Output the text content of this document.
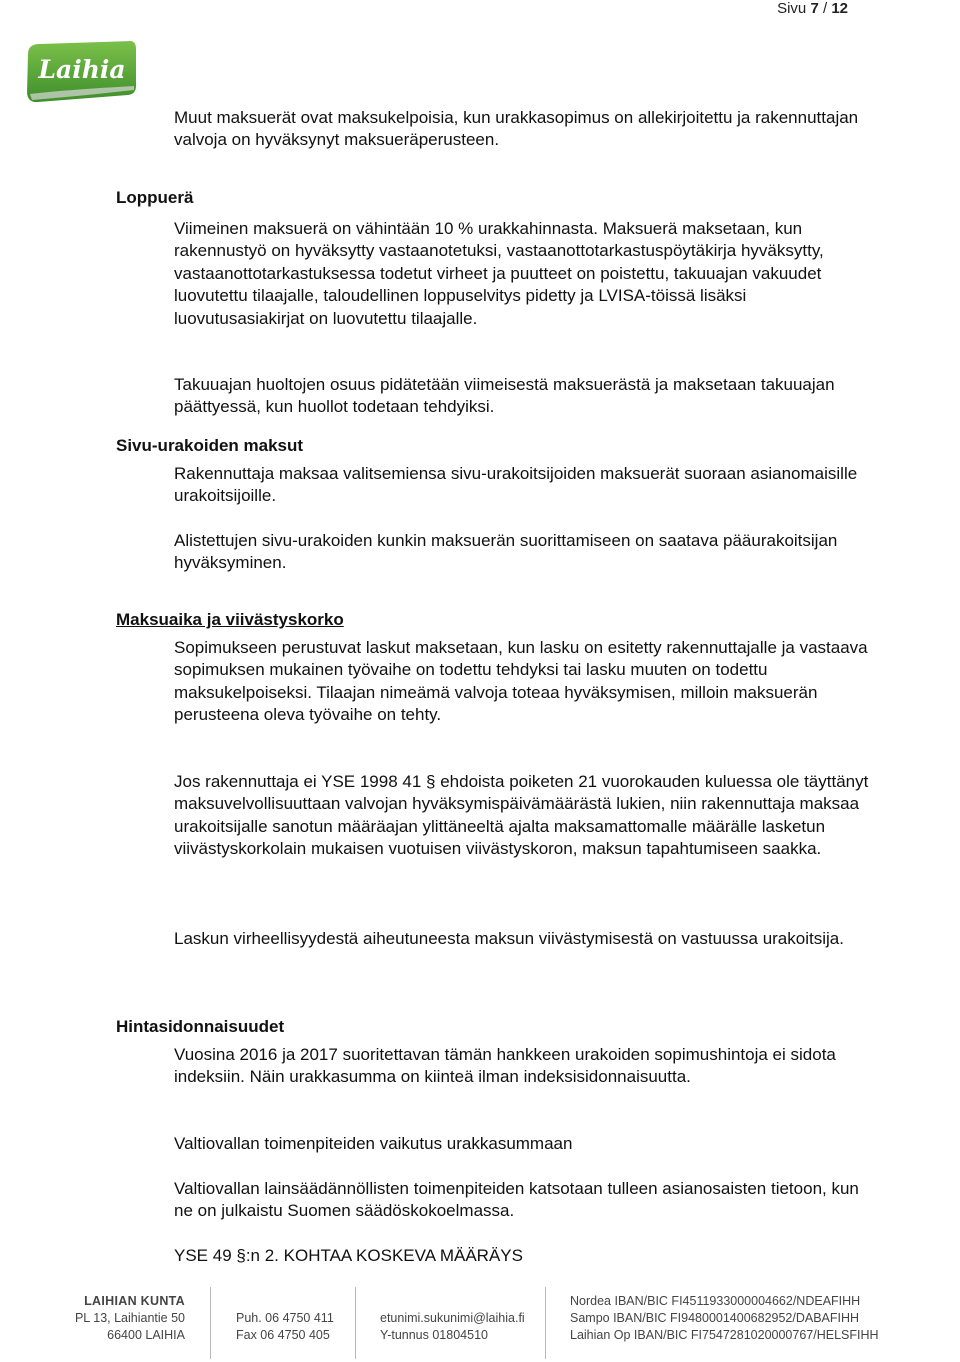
Sivu 7 / 12
Laihia

Muut maksuerät ovat maksukelpoisia, kun urakkasopimus on allekirjoitettu ja rakennuttajan valvoja on hyväksynyt maksueräperusteen.

Loppuerä

Viimeinen maksuerä on vähintään 10 % urakkahinnasta. Maksuerä maksetaan, kun rakennustyö on hyväksytty vastaanotetuksi, vastaanottotarkastuspöytäkirja hyväksytty, vastaanottotarkastuksessa todetut virheet ja puutteet on poistettu, takuuajan vakuudet luovutettu tilaajalle, taloudellinen loppuselvitys pidetty ja LVISA-töissä lisäksi luovutusasiakirjat on luovutettu tilaajalle.

Takuuajan huoltojen osuus pidätetään viimeisestä maksuerästä ja maksetaan takuuajan päättyessä, kun huollot todetaan tehdyiksi.

Sivu-urakoiden maksut

Rakennuttaja maksaa valitsemiensa sivu-urakoitsijoiden maksuerät suoraan asianomaisille urakoitsijoille.

Alistettujen sivu-urakoiden kunkin maksuerän suorittamiseen on saatava pääurakoitsijan hyväksyminen.

Maksuaika ja viivästyskorko

Sopimukseen perustuvat laskut maksetaan, kun lasku on esitetty rakennuttajalle ja vastaava sopimuksen mukainen työvaihe on todettu tehdyksi tai lasku muuten on todettu maksukelpoiseksi. Tilaajan nimeämä valvoja toteaa hyväksymisen, milloin maksuerän perusteena oleva työvaihe on tehty.

Jos rakennuttaja ei YSE 1998 41 § ehdoista poiketen 21 vuorokauden kuluessa ole täyttänyt maksuvelvollisuuttaan valvojan hyväksymispäivämäärästä lukien, niin rakennuttaja maksaa urakoitsijalle sanotun määräajan ylittäneeltä ajalta maksamattomalle määrälle lasketun viivästyskorkolain mukaisen vuotuisen viivästyskoron, maksun tapahtumiseen saakka.

Laskun virheellisyydestä aiheutuneesta maksun viivästymisestä on vastuussa urakoitsija.

Hintasidonnaisuudet

Vuosina 2016 ja 2017 suoritettavan tämän hankkeen urakoiden sopimushintoja ei sidota indeksiin. Näin urakkasumma on kiinteä ilman indeksisidonnaisuutta.

Valtiovallan toimenpiteiden vaikutus urakkasummaan

Valtiovallan lainsäädännöllisten toimenpiteiden katsotaan tulleen asianosaisten tietoon, kun ne on julkaistu Suomen säädöskokoelmassa.

YSE 49 §:n 2. KOHTAA KOSKEVA MÄÄRÄYS

LAIHIAN KUNTA
PL 13, Laihiantie 50
66400 LAIHIA
Puh. 06 4750 411
Fax 06 4750 405
etunimi.sukunimi@laihia.fi
Y-tunnus 01804510
Nordea IBAN/BIC FI4511933000004662/NDEAFIHH
Sampo IBAN/BIC FI9480001400682952/DABAFIHH
Laihian Op IBAN/BIC FI7547281020000767/HELSFIHH
